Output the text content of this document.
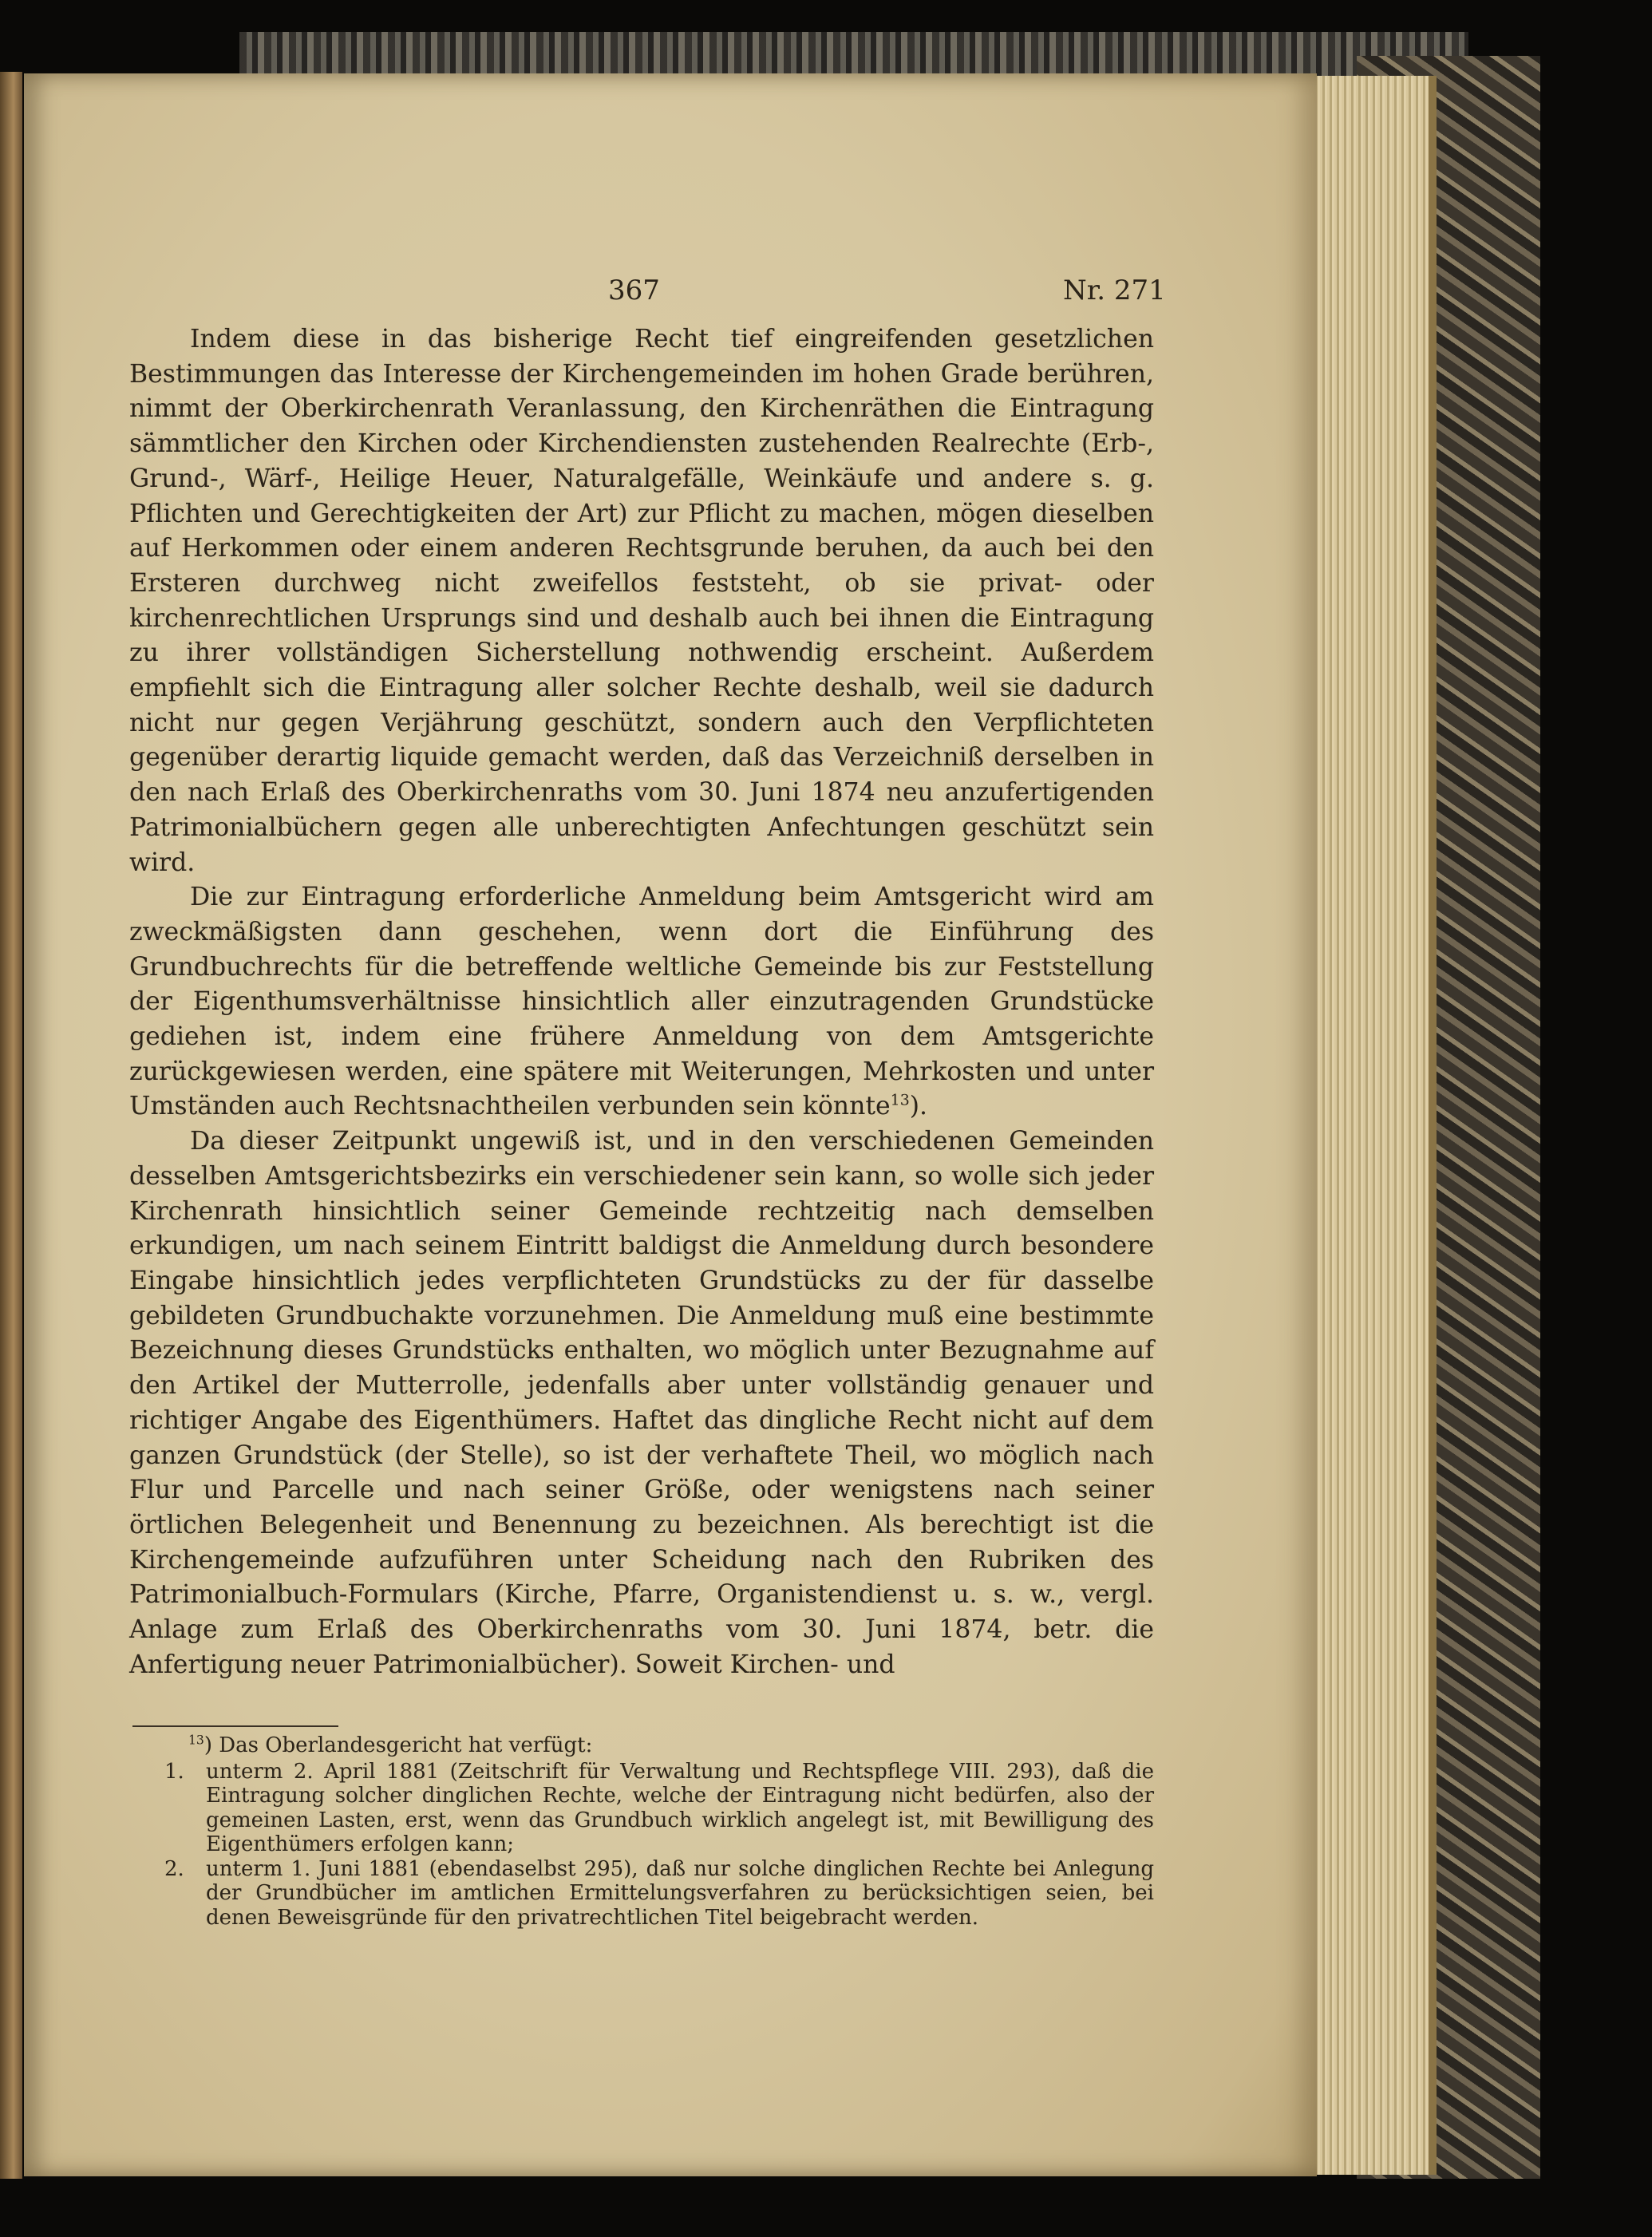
367	Nr. 271

Indem diese in das bisherige Recht tief eingreifenden gesetzlichen Bestimmungen das Interesse der Kirchengemeinden im hohen Grade berühren, nimmt der Oberkirchenrath Veranlassung, den Kirchenräthen die Eintragung sämmtlicher den Kirchen oder Kirchendiensten zustehenden Realrechte (Erb-, Grund-, Wärf-, Heilige Heuer, Naturalgefälle, Weinkäufe und andere s. g. Pflichten und Gerechtigkeiten der Art) zur Pflicht zu machen, mögen dieselben auf Herkommen oder einem anderen Rechtsgrunde beruhen, da auch bei den Ersteren durchweg nicht zweifellos feststeht, ob sie privat- oder kirchenrechtlichen Ursprungs sind und deshalb auch bei ihnen die Eintragung zu ihrer vollständigen Sicherstellung nothwendig erscheint. Außerdem empfiehlt sich die Eintragung aller solcher Rechte deshalb, weil sie dadurch nicht nur gegen Verjährung geschützt, sondern auch den Verpflichteten gegenüber derartig liquide gemacht werden, daß das Verzeichniß derselben in den nach Erlaß des Oberkirchenraths vom 30. Juni 1874 neu anzufertigenden Patrimonialbüchern gegen alle unberechtigten Anfechtungen geschützt sein wird.

Die zur Eintragung erforderliche Anmeldung beim Amtsgericht wird am zweckmäßigsten dann geschehen, wenn dort die Einführung des Grundbuchrechts für die betreffende weltliche Gemeinde bis zur Feststellung der Eigenthumsverhältnisse hinsichtlich aller einzutragenden Grundstücke gediehen ist, indem eine frühere Anmeldung von dem Amtsgerichte zurückgewiesen werden, eine spätere mit Weiterungen, Mehrkosten und unter Umständen auch Rechtsnachtheilen verbunden sein könnte$^{13}$).

Da dieser Zeitpunkt ungewiß ist, und in den verschiedenen Gemeinden desselben Amtsgerichtsbezirks ein verschiedener sein kann, so wolle sich jeder Kirchenrath hinsichtlich seiner Gemeinde rechtzeitig nach demselben erkundigen, um nach seinem Eintritt baldigst die Anmeldung durch besondere Eingabe hinsichtlich jedes verpflichteten Grundstücks zu der für dasselbe gebildeten Grundbuchakte vorzunehmen. Die Anmeldung muß eine bestimmte Bezeichnung dieses Grundstücks enthalten, wo möglich unter Bezugnahme auf den Artikel der Mutterrolle, jedenfalls aber unter vollständig genauer und richtiger Angabe des Eigenthümers. Haftet das dingliche Recht nicht auf dem ganzen Grundstück (der Stelle), so ist der verhaftete Theil, wo möglich nach Flur und Parcelle und nach seiner Größe, oder wenigstens nach seiner örtlichen Belegenheit und Benennung zu bezeichnen. Als berechtigt ist die Kirchengemeinde aufzuführen unter Scheidung nach den Rubriken des Patrimonialbuch-Formulars (Kirche, Pfarre, Organistendienst u. s. w., vergl. Anlage zum Erlaß des Oberkirchenraths vom 30. Juni 1874, betr. die Anfertigung neuer Patrimonialbücher). Soweit Kirchen- und

$^{13}$) Das Oberlandesgericht hat verfügt:
1.	unterm 2. April 1881 (Zeitschrift für Verwaltung und Rechtspflege VIII. 293), daß die Eintragung solcher dinglichen Rechte, welche der Eintragung nicht bedürfen, also der gemeinen Lasten, erst, wenn das Grundbuch wirklich angelegt ist, mit Bewilligung des Eigenthümers erfolgen kann;
2.	unterm 1. Juni 1881 (ebendaselbst 295), daß nur solche dinglichen Rechte bei Anlegung der Grundbücher im amtlichen Ermittelungsverfahren zu berücksichtigen seien, bei denen Beweisgründe für den privatrechtlichen Titel beigebracht werden.
